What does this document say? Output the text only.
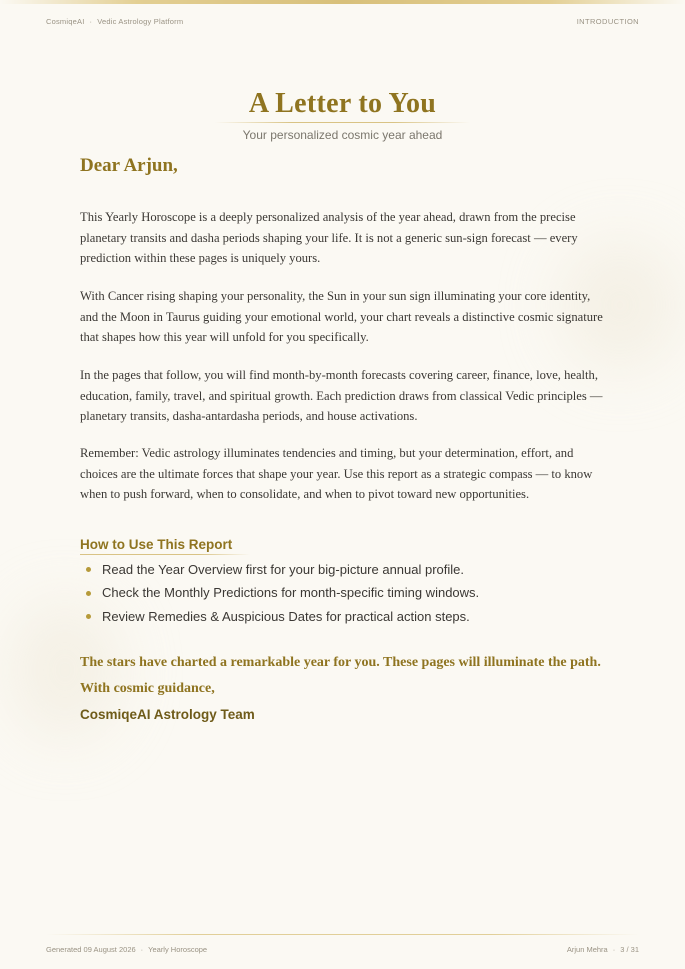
CosmiqeAI · Vedic Astrology Platform	INTRODUCTION
A Letter to You
Your personalized cosmic year ahead
Dear Arjun,

This Yearly Horoscope is a deeply personalized analysis of the year ahead, drawn from the precise planetary transits and dasha periods shaping your life. It is not a generic sun-sign forecast — every prediction within these pages is uniquely yours.

With Cancer rising shaping your personality, the Sun in your sun sign illuminating your core identity, and the Moon in Taurus guiding your emotional world, your chart reveals a distinctive cosmic signature that shapes how this year will unfold for you specifically.

In the pages that follow, you will find month-by-month forecasts covering career, finance, love, health, education, family, travel, and spiritual growth. Each prediction draws from classical Vedic principles — planetary transits, dasha-antardasha periods, and house activations.

Remember: Vedic astrology illuminates tendencies and timing, but your determination, effort, and choices are the ultimate forces that shape your year. Use this report as a strategic compass — to know when to push forward, when to consolidate, and when to pivot toward new opportunities.

How to Use This Report
Read the Year Overview first for your big-picture annual profile.
Check the Monthly Predictions for month-specific timing windows.
Review Remedies & Auspicious Dates for practical action steps.
The stars have charted a remarkable year for you. These pages will illuminate the path.
With cosmic guidance,
CosmiqeAI Astrology Team
Generated 09 August 2026 · Yearly Horoscope	Arjun Mehra · 3 / 31
